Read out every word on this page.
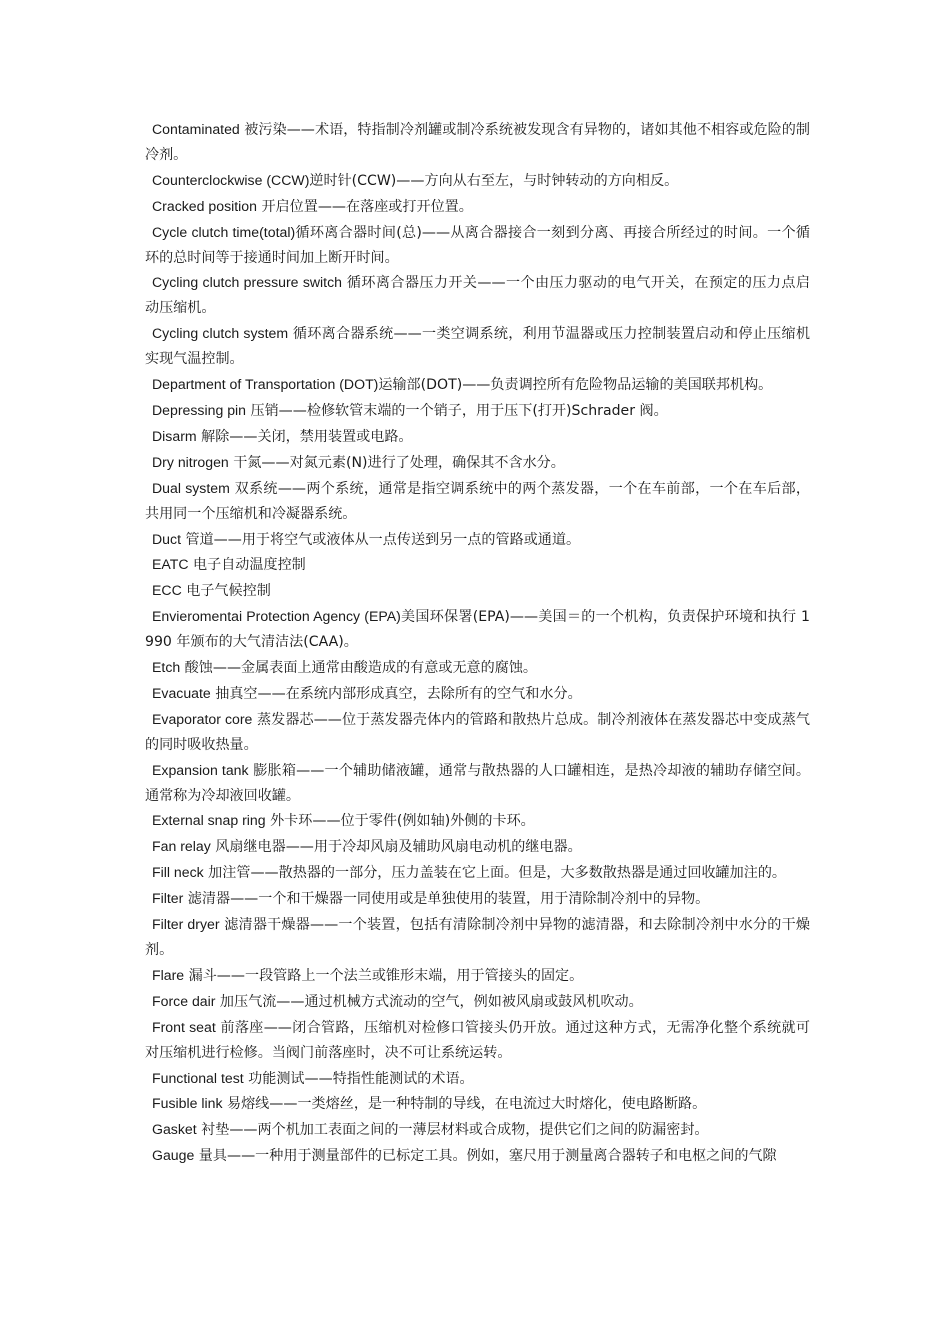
Contaminated 被污染——术语，特指制冷剂罐或制冷系统被发现含有异物的，诸如其他不相容或危险的制冷剂。

Counterclockwise (CCW)逆时针(CCW)——方向从右至左，与时钟转动的方向相反。

Cracked position 开启位置——在落座或打开位置。

Cycle clutch time(total)循环离合器时间(总)——从离合器接合一刻到分离、再接合所经过的时间。一个循环的总时间等于接通时间加上断开时间。

Cycling clutch pressure switch 循环离合器压力开关——一个由压力驱动的电气开关，在预定的压力点启动压缩机。

Cycling clutch system 循环离合器系统——一类空调系统，利用节温器或压力控制装置启动和停止压缩机实现气温控制。

Department of Transportation (DOT)运输部(DOT)——负责调控所有危险物品运输的美国联邦机构。

Depressing pin 压销——检修软管末端的一个销子，用于压下(打开)Schrader 阀。

Disarm 解除——关闭，禁用装置或电路。

Dry nitrogen 干氮——对氮元素(N)进行了处理，确保其不含水分。

Dual system 双系统——两个系统，通常是指空调系统中的两个蒸发器，一个在车前部，一个在车后部，共用同一个压缩机和冷凝器系统。

Duct 管道——用于将空气或液体从一点传送到另一点的管路或通道。

EATC 电子自动温度控制

ECC 电子气候控制

Envieromentai Protection Agency (EPA)美国环保署(EPA)——美国＝的一个机构，负责保护环境和执行 1990 年颁布的大气清洁法(CAA)。

Etch 酸蚀——金属表面上通常由酸造成的有意或无意的腐蚀。

Evacuate 抽真空——在系统内部形成真空，去除所有的空气和水分。

Evaporator core 蒸发器芯——位于蒸发器壳体内的管路和散热片总成。制冷剂液体在蒸发器芯中变成蒸气的同时吸收热量。

Expansion tank 膨胀箱——一个辅助储液罐，通常与散热器的人口罐相连，是热冷却液的辅助存储空间。通常称为冷却液回收罐。

External snap ring 外卡环——位于零件(例如轴)外侧的卡环。

Fan relay 风扇继电器——用于冷却风扇及辅助风扇电动机的继电器。

Fill neck 加注管——散热器的一部分，压力盖装在它上面。但是，大多数散热器是通过回收罐加注的。

Filter 滤清器——一个和干燥器一同使用或是单独使用的装置，用于清除制冷剂中的异物。

Filter dryer 滤清器干燥器——一个装置，包括有清除制冷剂中异物的滤清器，和去除制冷剂中水分的干燥剂。

Flare 漏斗——一段管路上一个法兰或锥形末端，用于管接头的固定。

Force dair 加压气流——通过机械方式流动的空气，例如被风扇或鼓风机吹动。

Front seat 前落座——闭合管路，压缩机对检修口管接头仍开放。通过这种方式，无需净化整个系统就可对压缩机进行检修。当阀门前落座时，决不可让系统运转。

Functional test 功能测试——特指性能测试的术语。

Fusible link 易熔线——一类熔丝，是一种特制的导线，在电流过大时熔化，使电路断路。

Gasket 衬垫——两个机加工表面之间的一薄层材料或合成物，提供它们之间的防漏密封。

Gauge 量具——一种用于测量部件的已标定工具。例如，塞尺用于测量离合器转子和电枢之间的气隙
